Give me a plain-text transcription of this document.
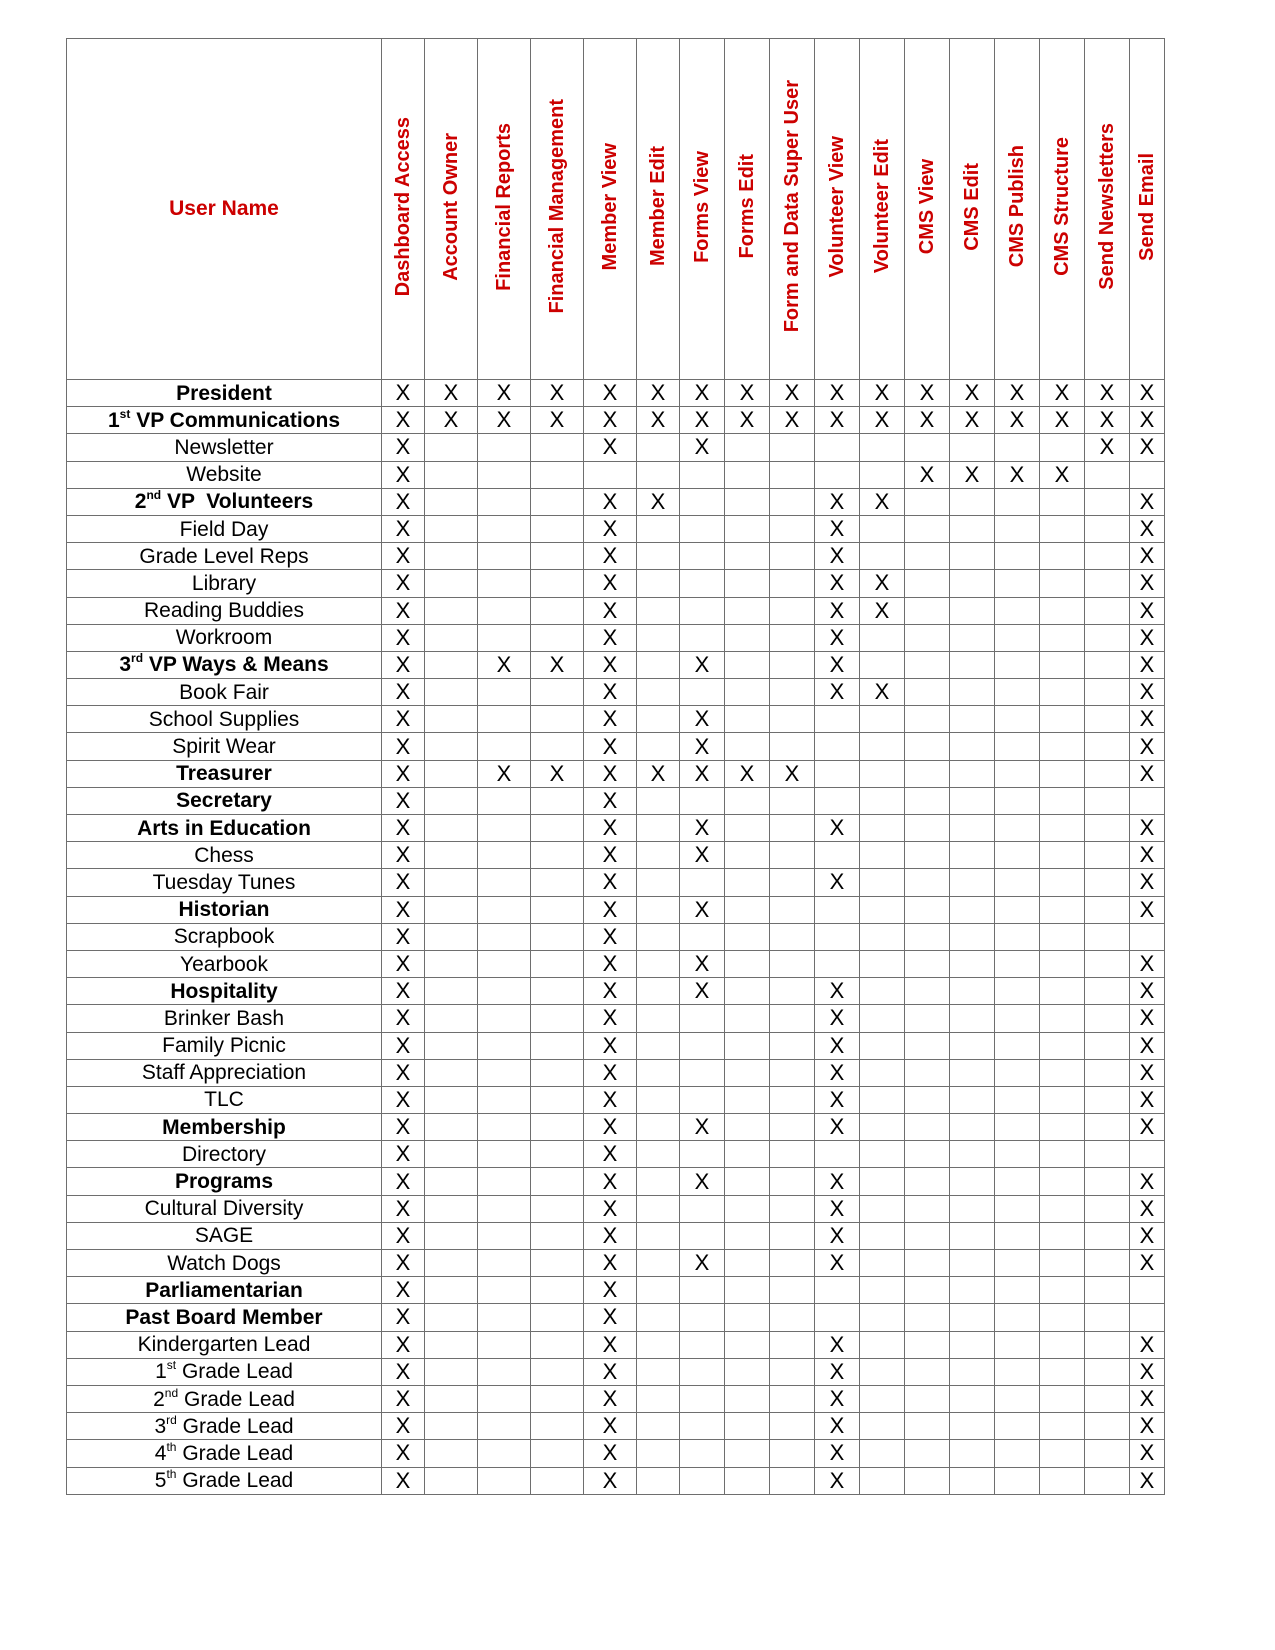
User Name	Dashboard Access	Account Owner	Financial Reports	Financial Management	Member View	Member Edit	Forms View	Forms Edit	Form and Data Super User	Volunteer View	Volunteer Edit	CMS View	CMS Edit	CMS Publish	CMS Structure	Send Newsletters	Send Email
President	X	X	X	X	X	X	X	X	X	X	X	X	X	X	X	X	X
1st VP Communications	X	X	X	X	X	X	X	X	X	X	X	X	X	X	X	X	X
Newsletter	X				X		X									X	X
Website	X											X	X	X	X		
2nd VP  Volunteers	X				X	X				X	X						X
Field Day	X				X					X							X
Grade Level Reps	X				X					X							X
Library	X				X					X	X						X
Reading Buddies	X				X					X	X						X
Workroom	X				X					X							X
3rd VP Ways & Means	X		X	X	X		X			X							X
Book Fair	X				X					X	X						X
School Supplies	X				X		X										X
Spirit Wear	X				X		X										X
Treasurer	X		X	X	X	X	X	X	X								X
Secretary	X				X												
Arts in Education	X				X		X			X							X
Chess	X				X		X										X
Tuesday Tunes	X				X					X							X
Historian	X				X		X										X
Scrapbook	X				X												
Yearbook	X				X		X										X
Hospitality	X				X		X			X							X
Brinker Bash	X				X					X							X
Family Picnic	X				X					X							X
Staff Appreciation	X				X					X							X
TLC	X				X					X							X
Membership	X				X		X			X							X
Directory	X				X												
Programs	X				X		X			X							X
Cultural Diversity	X				X					X							X
SAGE	X				X					X							X
Watch Dogs	X				X		X			X							X
Parliamentarian	X				X												
Past Board Member	X				X												
Kindergarten Lead	X				X					X							X
1st Grade Lead	X				X					X							X
2nd Grade Lead	X				X					X							X
3rd Grade Lead	X				X					X							X
4th Grade Lead	X				X					X							X
5th Grade Lead	X				X					X							X
